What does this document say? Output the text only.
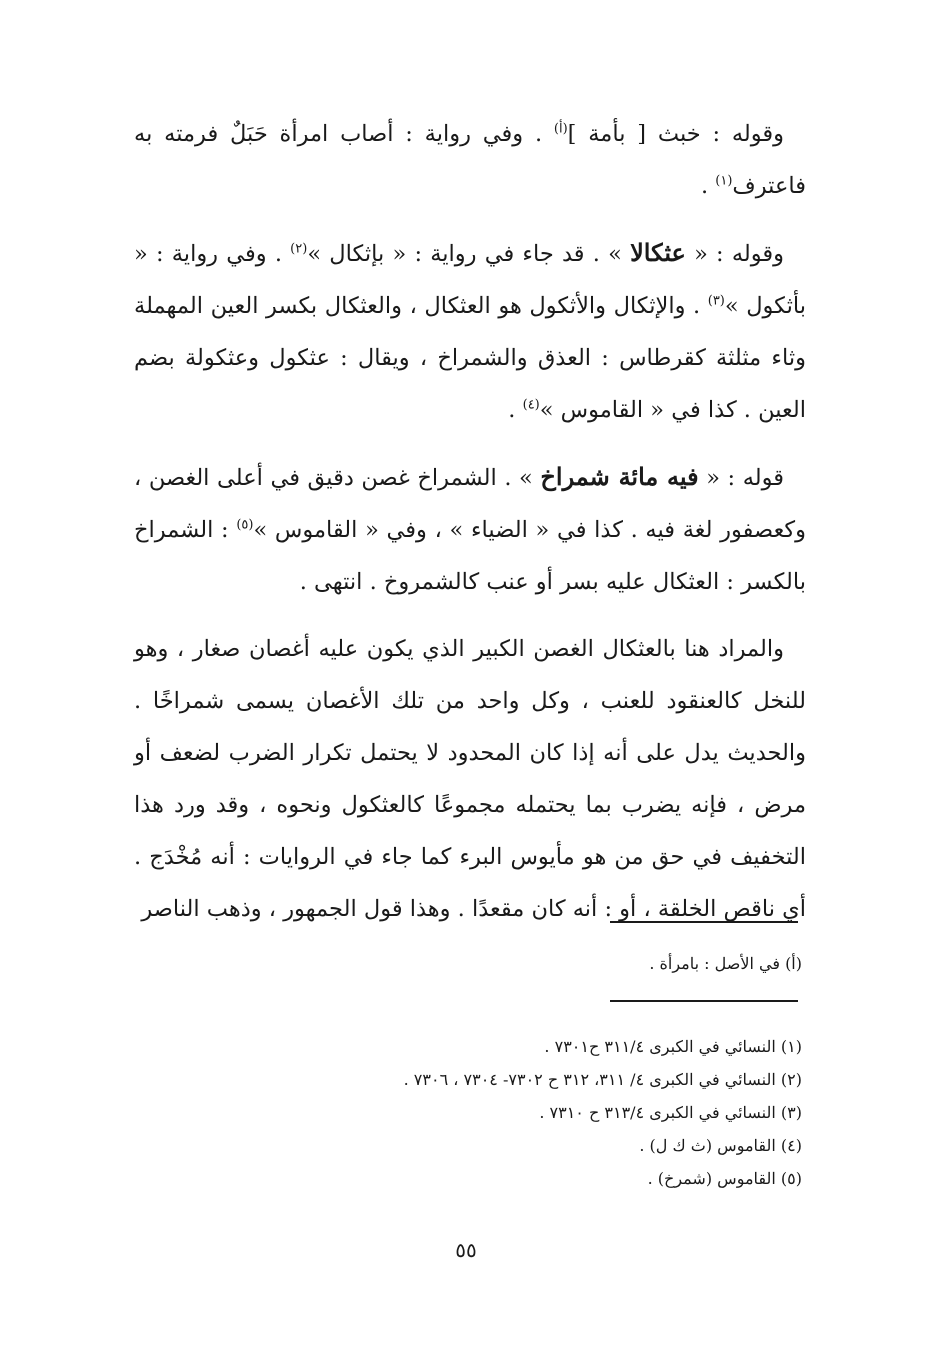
وقوله : خبث [ بأمة ]$^{(أ)}$ . وفي رواية : أصاب امرأة حَبَلٌ فرمته به فاعترف$^{(١)}$ .

وقوله : « عثكالا » . قد جاء في رواية : « بإثكال »$^{(٢)}$ . وفي رواية : « بأثكول »$^{(٣)}$ . والإثكال والأثكول هو العثكال ، والعثكال بكسر العين المهملة وثاء مثلثة كقرطاس : العذق والشمراخ ، ويقال : عثكول وعثكولة بضم العين . كذا في « القاموس »$^{(٤)}$ .

قوله : « فيه مائة شمراخ » . الشمراخ غصن دقيق في أعلى الغصن ، وكعصفور لغة فيه . كذا في « الضياء » ، وفي « القاموس »$^{(٥)}$ : الشمراخ بالكسر : العثكال عليه بسر أو عنب كالشمروخ . انتهى .

والمراد هنا بالعثكال الغصن الكبير الذي يكون عليه أغصان صغار ، وهو للنخل كالعنقود للعنب ، وكل واحد من تلك الأغصان يسمى شمراخًا . والحديث يدل على أنه إذا كان المحدود لا يحتمل تكرار الضرب لضعف أو مرض ، فإنه يضرب بما يحتمله مجموعًا كالعثكول ونحوه ، وقد ورد هذا التخفيف في حق من هو مأيوس البرء كما جاء في الروايات : أنه مُخْدَج . أي ناقص الخلقة ، أو : أنه كان مقعدًا . وهذا قول الجمهور ، وذهب الناصر

(أ) في الأصل : بامرأة .
(١) النسائي في الكبرى ٣١١/٤ ح٧٣٠١ .
(٢) النسائي في الكبرى ٤/ ٣١١، ٣١٢ ح ٧٣٠٢- ٧٣٠٤ ، ٧٣٠٦ .
(٣) النسائي في الكبرى ٣١٣/٤ ح ٧٣١٠ .
(٤) القاموس (ث ك ل) .
(٥) القاموس (شمرخ) .
٥٥
